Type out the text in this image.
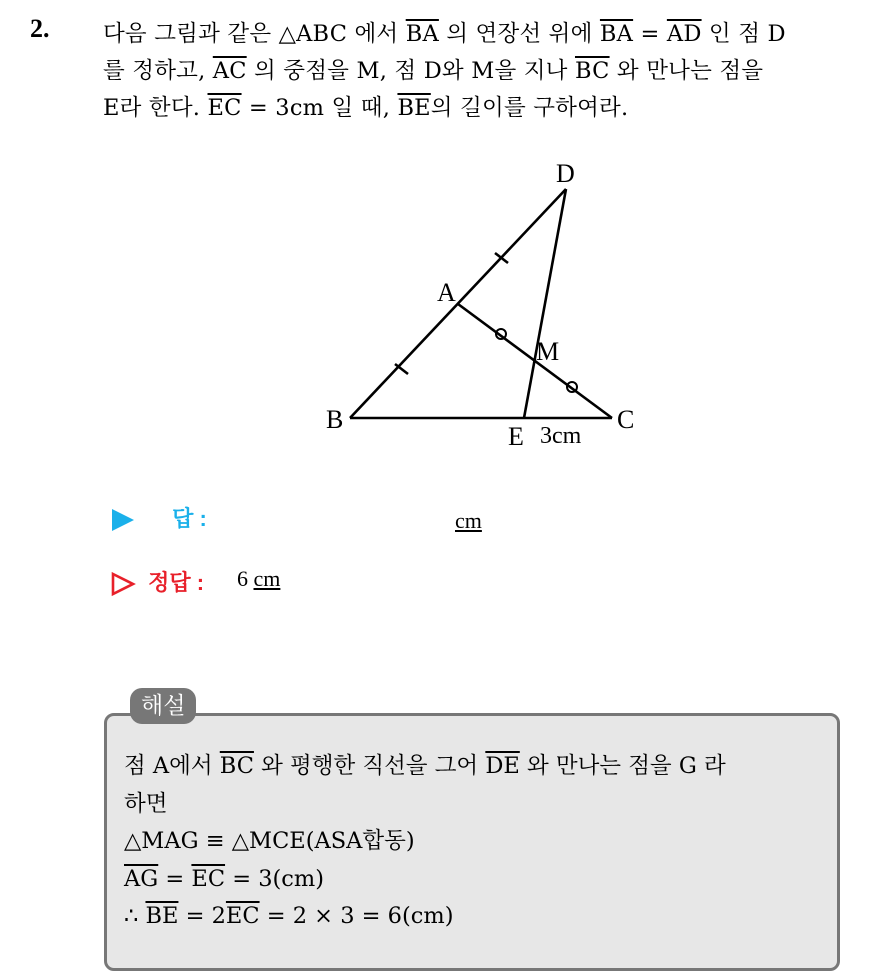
2. 다음 그림과 같은 △ABC 에서 $\overline{BA}$ 의 연장선 위에 $\overline{BA} = \overline{AD}$ 인 점 D
를 정하고, $\overline{AC}$ 의 중점을 M, 점 D와 M을 지나 $\overline{BC}$ 와 만나는 점을
E라 한다. $\overline{EC} = 3cm$ 일 때, $\overline{BE}$의 길이를 구하여라.
D
A
M
B	C
E 3cm
답 :	cm
정답 : 6 cm
해설
점 A에서 $\overline{BC}$ 와 평행한 직선을 그어 $\overline{DE}$ 와 만나는 점을 G 라
하면
△MAG ≡ △MCE(ASA합동)
$\overline{AG} = \overline{EC} = 3(cm)$
∴ $\overline{BE} = 2\overline{EC} = 2 \times 3 = 6(cm)$
